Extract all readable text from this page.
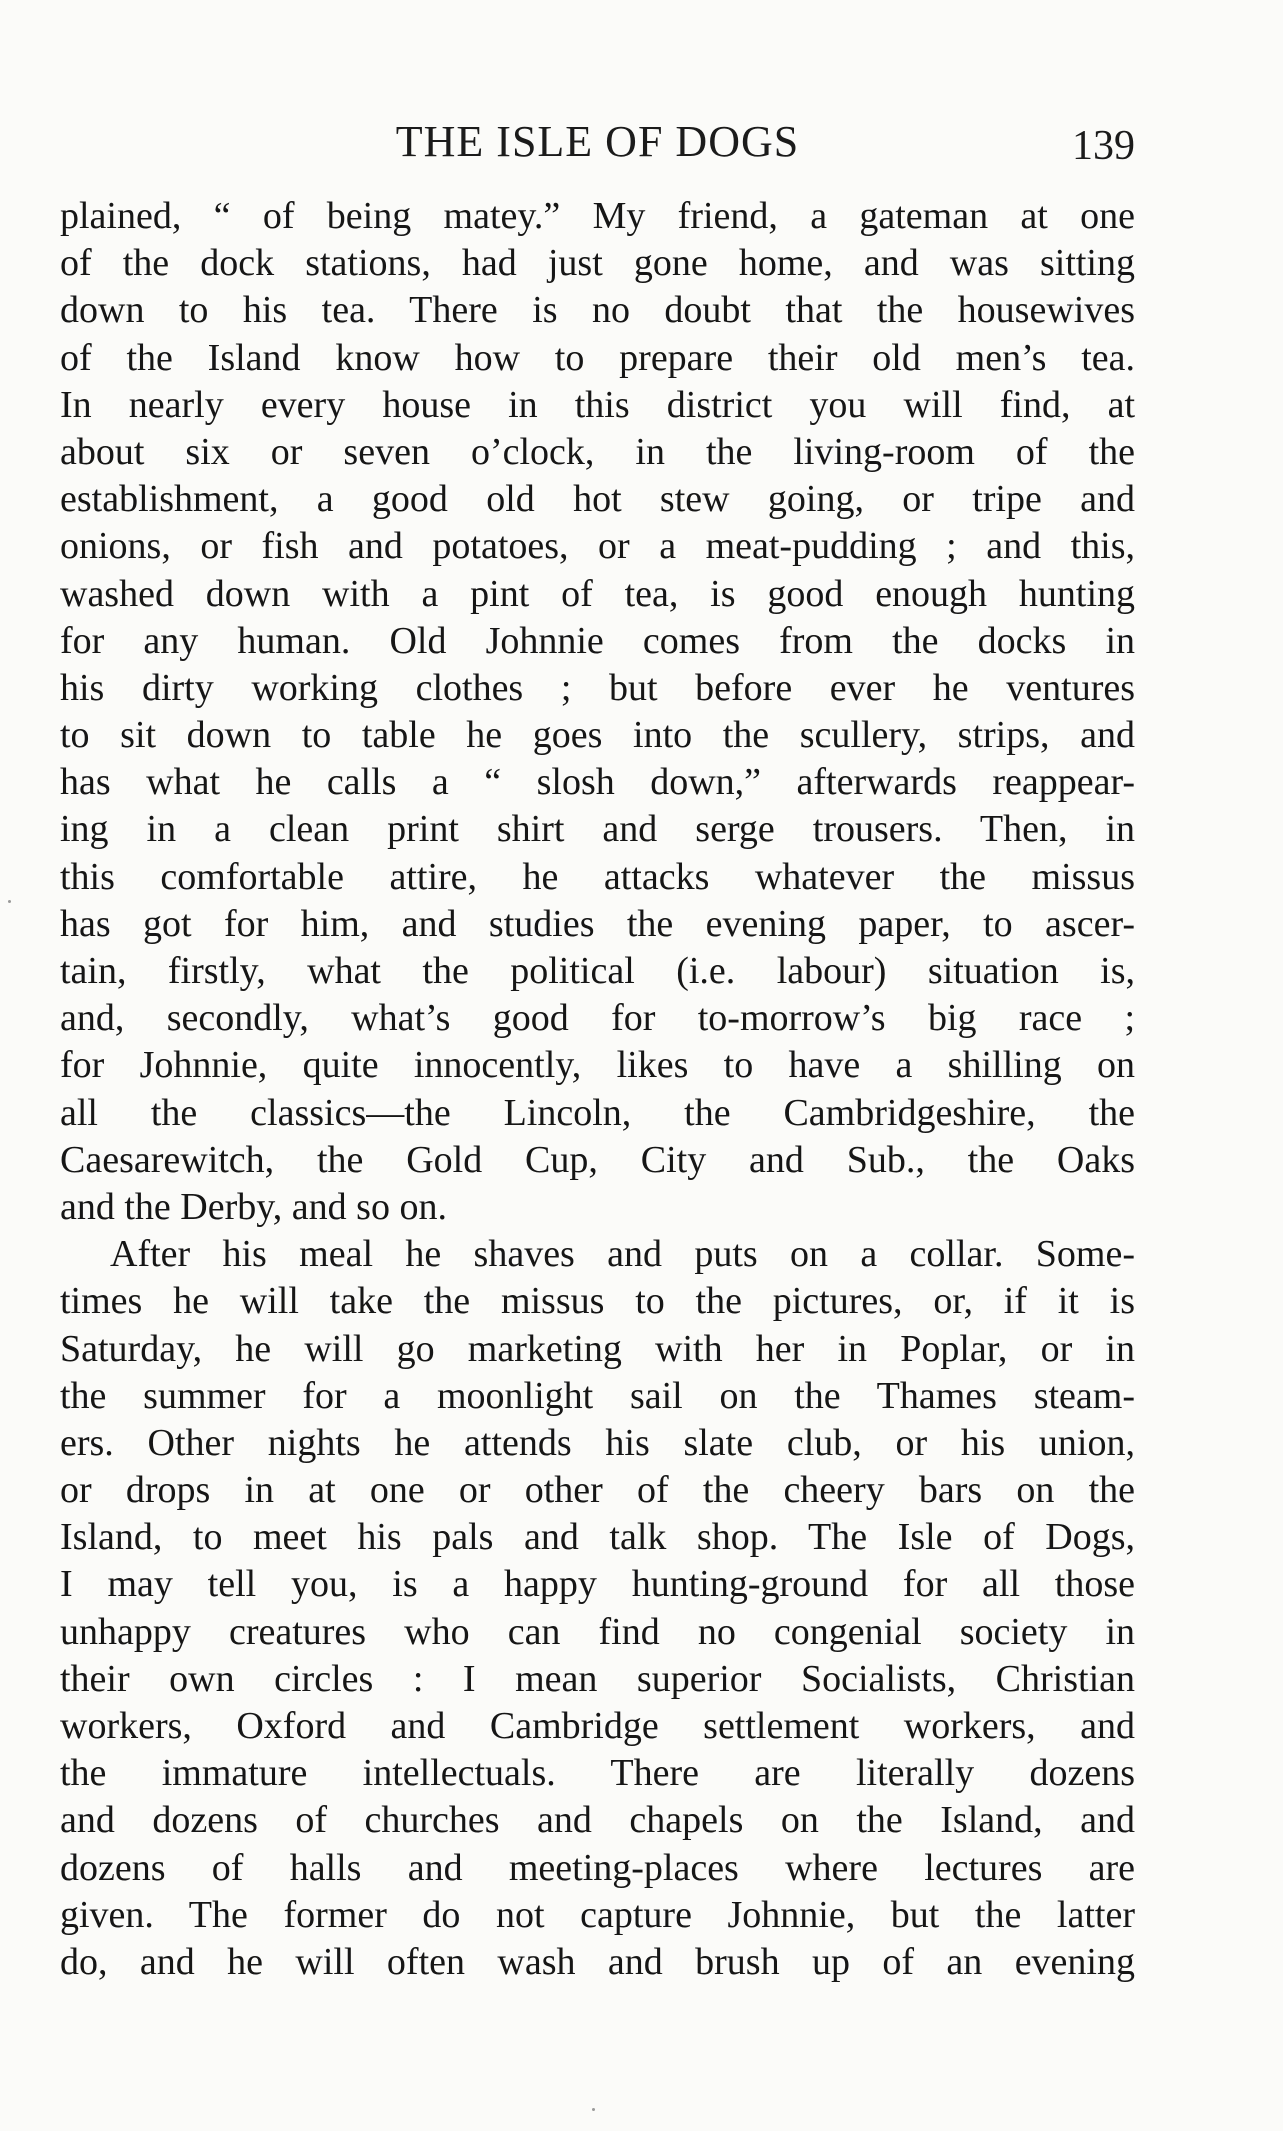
THE ISLE OF DOGS	139
plained, “ of being matey.” My friend, a gateman at one
of the dock stations, had just gone home, and was sitting
down to his tea. There is no doubt that the housewives
of the Island know how to prepare their old men’s tea.
In nearly every house in this district you will find, at
about six or seven o’clock, in the living-room of the
establishment, a good old hot stew going, or tripe and
onions, or fish and potatoes, or a meat-pudding ; and this,
washed down with a pint of tea, is good enough hunting
for any human. Old Johnnie comes from the docks in
his dirty working clothes ; but before ever he ventures
to sit down to table he goes into the scullery, strips, and
has what he calls a “ slosh down,” afterwards reappear-
ing in a clean print shirt and serge trousers. Then, in
this comfortable attire, he attacks whatever the missus
has got for him, and studies the evening paper, to ascer-
tain, firstly, what the political (i.e. labour) situation is,
and, secondly, what’s good for to-morrow’s big race ;
for Johnnie, quite innocently, likes to have a shilling on
all the classics—the Lincoln, the Cambridgeshire, the
Caesarewitch, the Gold Cup, City and Sub., the Oaks
and the Derby, and so on.
After his meal he shaves and puts on a collar. Some-
times he will take the missus to the pictures, or, if it is
Saturday, he will go marketing with her in Poplar, or in
the summer for a moonlight sail on the Thames steam-
ers. Other nights he attends his slate club, or his union,
or drops in at one or other of the cheery bars on the
Island, to meet his pals and talk shop. The Isle of Dogs,
I may tell you, is a happy hunting-ground for all those
unhappy creatures who can find no congenial society in
their own circles : I mean superior Socialists, Christian
workers, Oxford and Cambridge settlement workers, and
the immature intellectuals. There are literally dozens
and dozens of churches and chapels on the Island, and
dozens of halls and meeting-places where lectures are
given. The former do not capture Johnnie, but the latter
do, and he will often wash and brush up of an evening
